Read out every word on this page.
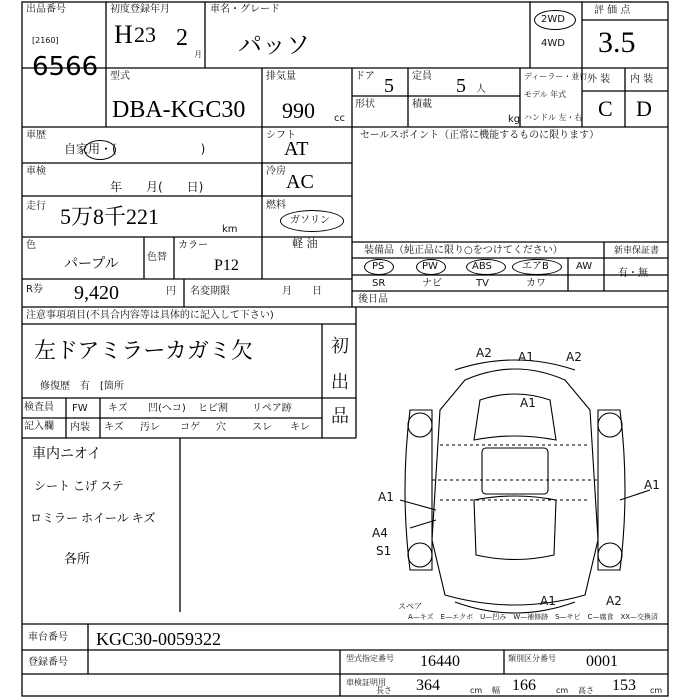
出品番号
[2160]
6566
初度登録年月
H 23 2
月
車名・グレード
パッソ
2WD
4WD
評 価 点
3.5
型式
DBA-KGC30
排気量
990 cc
ドア 5 定員 5 人
形状	積載
kg
ディーラー・並行
モデル 年式
ハンドル 左・右
外 装 内 装
C D
車歴
自家用・(　　　　　　　)
車検
年　　月(　　日)
走行 5万8千221
km
色
パープル	色替
カラー
P12
シフト
AT
冷房 AC
燃料
ガソリン
軽 油
R券 9,420	円 名変期限	月　　日
セールスポイント（正常に機能するものに限ります）
装備品（純正品に限り○をつけてください）	新車保証書
有・無
PS	PW	ABS	エアB	AW
SR	ナビ	TV	カワ
後日品
注意事項項目(不具合内容等は具体的に記入して下さい)
左ドアミラーカガミ欠
修復歴　有　[箇所
初
出
品
検査員
記入欄
FW キズ 凹(ヘコ) ヒビ割 リペア跡
内装 キズ 汚レ コゲ 穴	スレ キレ
車内ニオイ
シート こげ ステ
ロミラー ホイール キズ
各所
A2 A1	A2
A1
A1
A4
S1
A1
A1	A2
スペア
A—キズ　E—エクボ　U—凹み　W—補修跡　S—サビ　C—腐食　XX—交換済
車台番号 KGC30-0059322
登録番号	型式指定番号 16440	類別区分番号 0001
車検証明用
長さ 364	cm 幅 166	cm 高さ 153 cm
